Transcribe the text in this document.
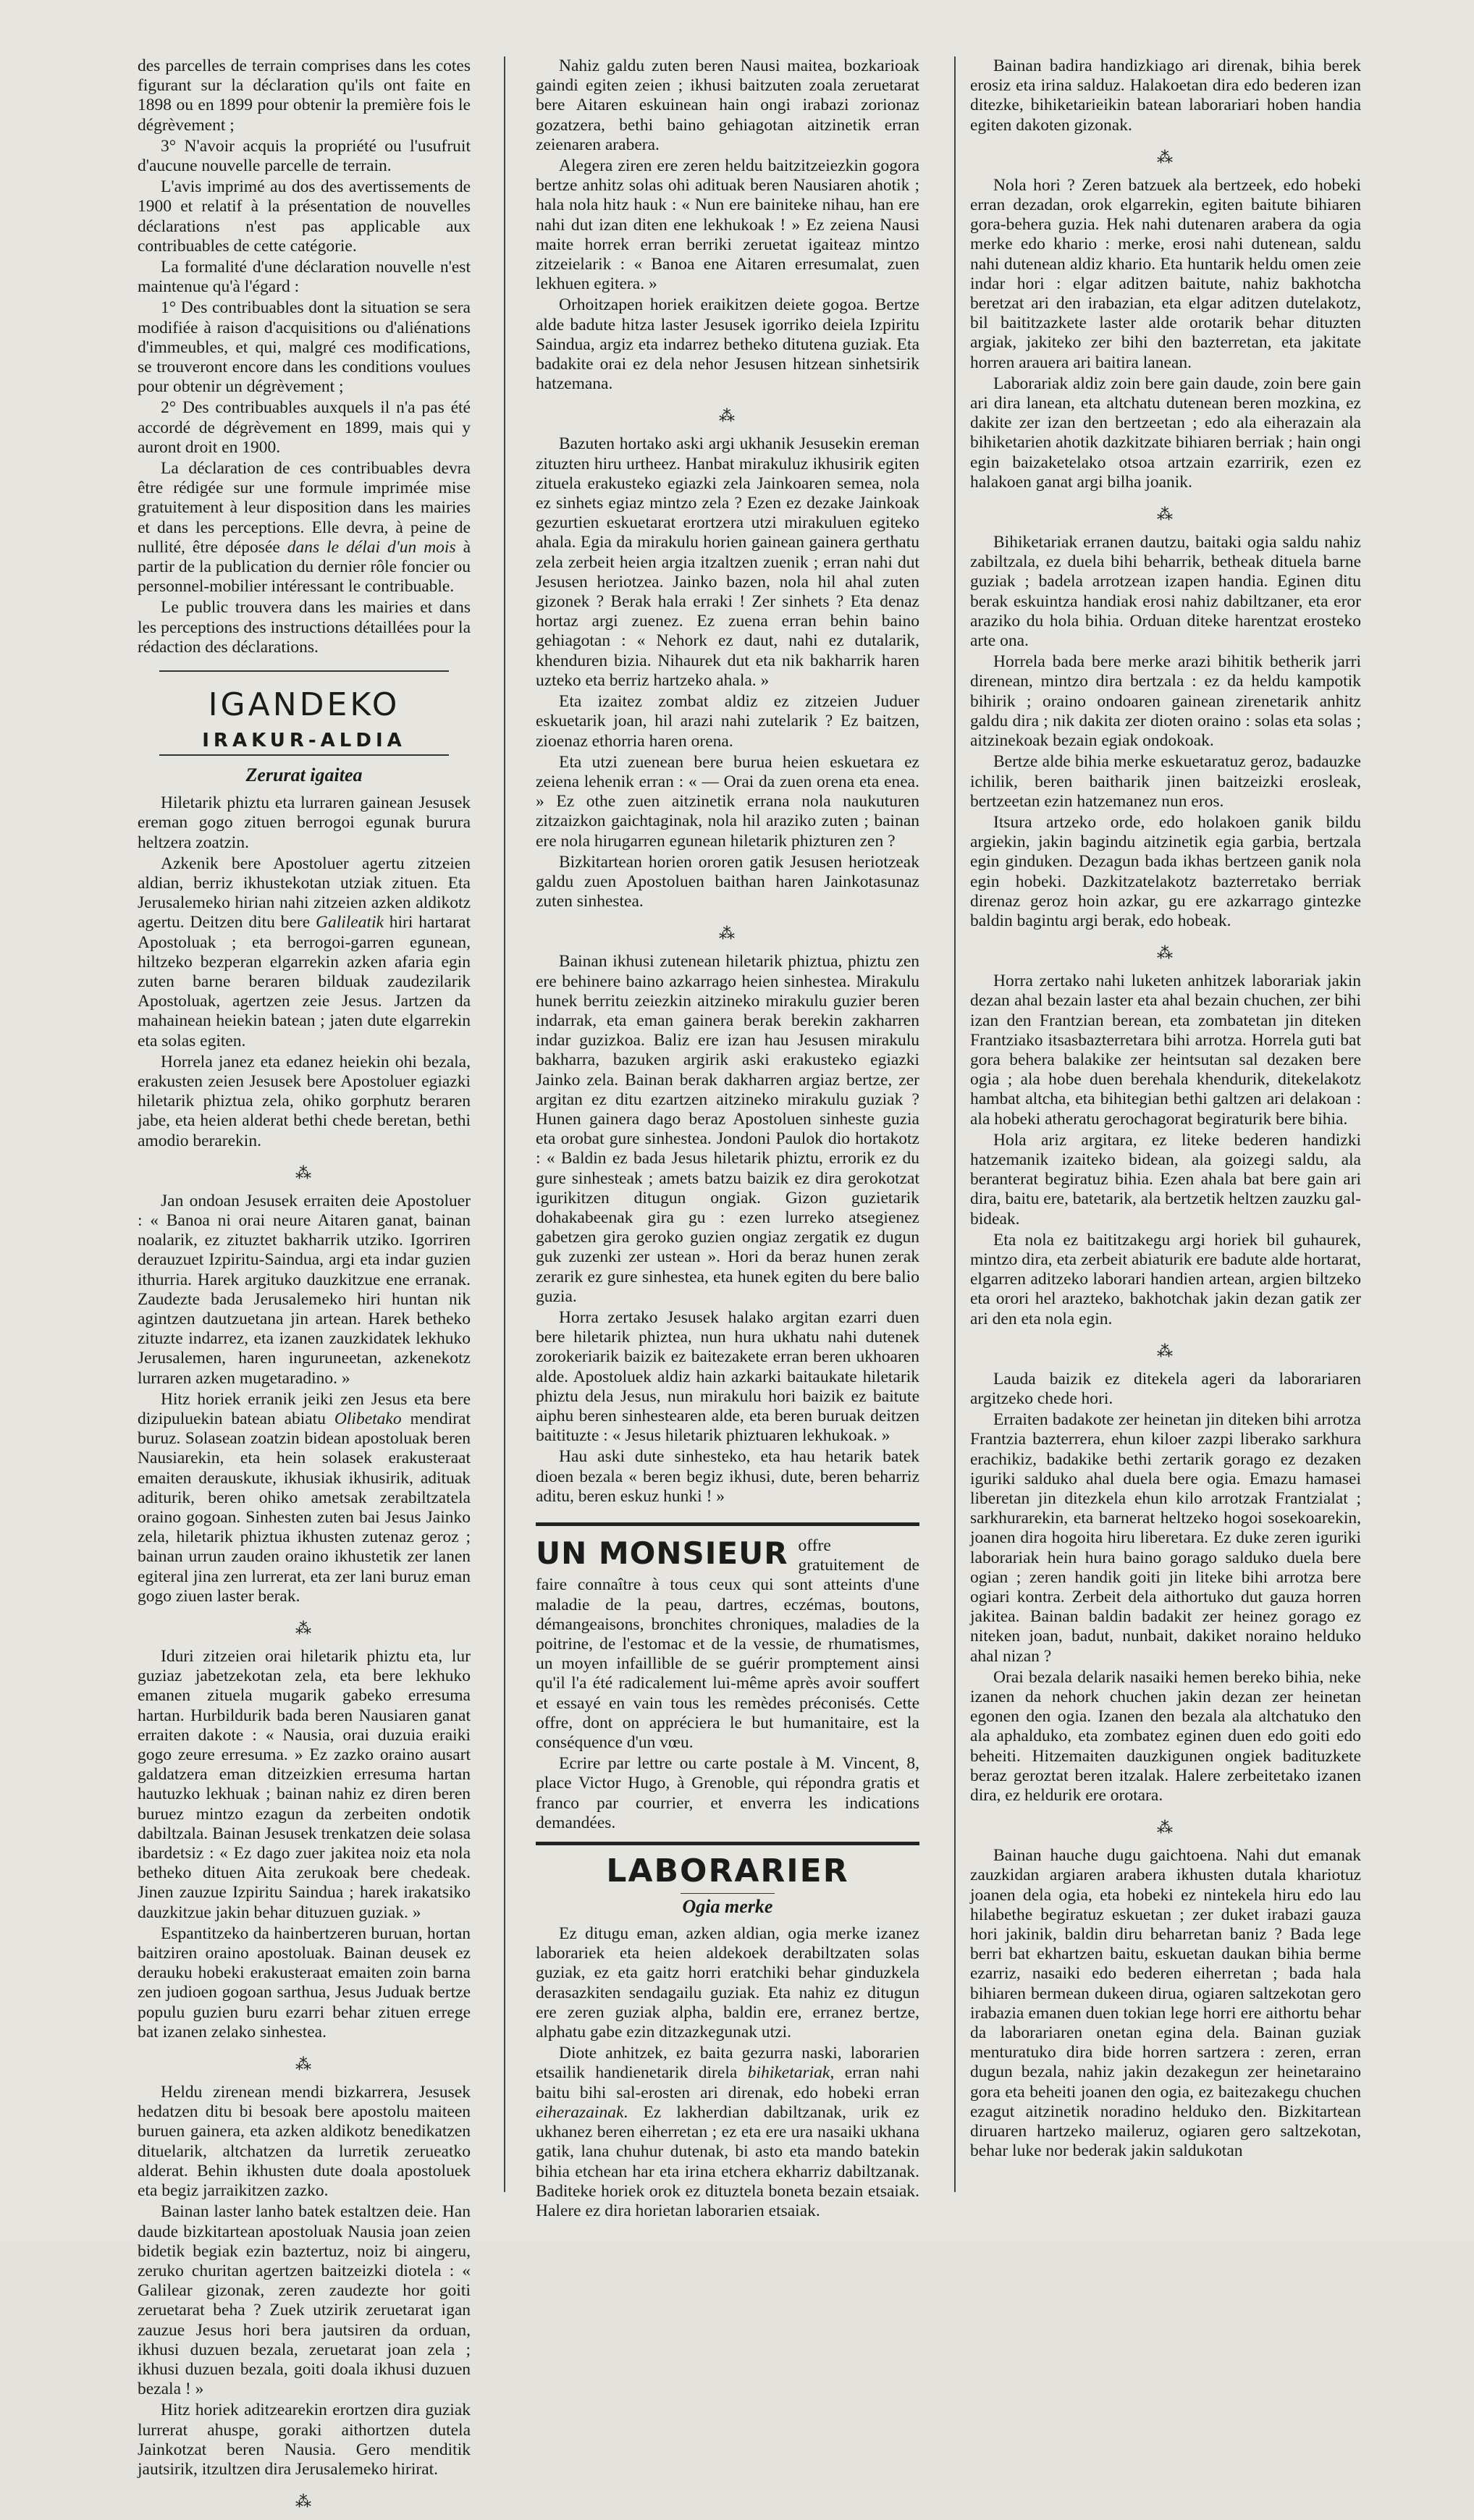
des parcelles de terrain comprises dans les cotes figurant sur la déclaration qu'ils ont faite en 1898 ou en 1899 pour obtenir la première fois le dégrèvement ;

3° N'avoir acquis la propriété ou l'usufruit d'aucune nouvelle parcelle de terrain.

L'avis imprimé au dos des avertissements de 1900 et relatif à la présentation de nouvelles déclarations n'est pas applicable aux contribuables de cette catégorie.

La formalité d'une déclaration nouvelle n'est maintenue qu'à l'égard :

1° Des contribuables dont la situation se sera modifiée à raison d'acquisitions ou d'aliénations d'immeubles, et qui, malgré ces modifications, se trouveront encore dans les conditions voulues pour obtenir un dégrèvement ;

2° Des contribuables auxquels il n'a pas été accordé de dégrèvement en 1899, mais qui y auront droit en 1900.

La déclaration de ces contribuables devra être rédigée sur une formule imprimée mise gratuitement à leur disposition dans les mairies et dans les perceptions. Elle devra, à peine de nullité, être déposée dans le délai d'un mois à partir de la publication du dernier rôle foncier ou personnel-mobilier intéressant le contribuable.

Le public trouvera dans les mairies et dans les perceptions des instructions détaillées pour la rédaction des déclarations.

IGANDEKO
IRAKUR-ALDIA
Zerurat igaitea

Hiletarik phiztu eta lurraren gainean Jesusek ereman gogo zituen berrogoi egunak burura heltzera zoatzin.

Azkenik bere Apostoluer agertu zitzeien aldian, berriz ikhustekotan utziak zituen. Eta Jerusalemeko hirian nahi zitzeien azken aldikotz agertu. Deitzen ditu bere Galileatik hiri hartarat Apostoluak ; eta berrogoi-garren egunean, hiltzeko bezperan elgarrekin azken afaria egin zuten barne beraren bilduak zaudezilarik Apostoluak, agertzen zeie Jesus. Jartzen da mahainean heiekin batean ; jaten dute elgarrekin eta solas egiten.

Horrela janez eta edanez heiekin ohi bezala, erakusten zeien Jesusek bere Apostoluer egiazki hiletarik phiztua zela, ohiko gorphutz beraren jabe, eta heien alderat bethi chede beretan, bethi amodio berarekin.

⁂

Jan ondoan Jesusek erraiten deie Apostoluer : « Banoa ni orai neure Aitaren ganat, bainan noalarik, ez zituztet bakharrik utziko. Igorriren derauzuet Izpiritu-Saindua, argi eta indar guzien ithurria. Harek argituko dauzkitzue ene erranak. Zaudezte bada Jerusalemeko hiri huntan nik agintzen dautzuetana jin artean. Harek betheko zituzte indarrez, eta izanen zauzkidatek lekhuko Jerusalemen, haren inguruneetan, azkenekotz lurraren azken mugetaradino. »

Hitz horiek erranik jeiki zen Jesus eta bere dizipuluekin batean abiatu Olibetako mendirat buruz. Solasean zoatzin bidean apostoluak beren Nausiarekin, eta hein solasek erakusteraat emaiten derauskute, ikhusiak ikhusirik, adituak aditurik, beren ohiko ametsak zerabiltzatela oraino gogoan. Sinhesten zuten bai Jesus Jainko zela, hiletarik phiztua ikhusten zutenaz geroz ; bainan urrun zauden oraino ikhustetik zer lanen egiteral jina zen lurrerat, eta zer lani buruz eman gogo ziuen laster berak.

⁂

Iduri zitzeien orai hiletarik phiztu eta, lur guziaz jabetzekotan zela, eta bere lekhuko emanen zituela mugarik gabeko erresuma hartan. Hurbildurik bada beren Nausiaren ganat erraiten dakote : « Nausia, orai duzuia eraiki gogo zeure erresuma. » Ez zazko oraino ausart galdatzera eman ditzeizkien erresuma hartan hautuzko lekhuak ; bainan nahiz ez diren beren buruez mintzo ezagun da zerbeiten ondotik dabiltzala. Bainan Jesusek trenkatzen deie solasa ibardetsiz : « Ez dago zuer jakitea noiz eta nola betheko dituen Aita zerukoak bere chedeak. Jinen zauzue Izpiritu Saindua ; harek irakatsiko dauzkitzue jakin behar dituzuen guziak. »

Espantitzeko da hainbertzeren buruan, hortan baitziren oraino apostoluak. Bainan deusek ez derauku hobeki erakusteraat emaiten zoin barna zen judioen gogoan sarthua, Jesus Juduak bertze populu guzien buru ezarri behar zituen errege bat izanen zelako sinhestea.

⁂

Heldu zirenean mendi bizkarrera, Jesusek hedatzen ditu bi besoak bere apostolu maiteen buruen gainera, eta azken aldikotz benedikatzen dituelarik, altchatzen da lurretik zerueatko alderat. Behin ikhusten dute doala apostoluek eta begiz jarraikitzen zazko.

Bainan laster lanho batek estaltzen deie. Han daude bizkitartean apostoluak Nausia joan zeien bidetik begiak ezin baztertuz, noiz bi aingeru, zeruko churitan agertzen baitzeizki diotela : « Galilear gizonak, zeren zaudezte hor goiti zeruetarat beha ? Zuek utzirik zeruetarat igan zauzue Jesus hori bera jautsiren da orduan, ikhusi duzuen bezala, zeruetarat joan zela ; ikhusi duzuen bezala, goiti doala ikhusi duzuen bezala ! »

Hitz horiek aditzearekin erortzen dira guziak lurrerat ahuspe, goraki aithortzen dutela Jainkotzat beren Nausia. Gero menditik jautsirik, itzultzen dira Jerusalemeko hirirat.

⁂

Nahiz galdu zuten beren Nausi maitea, bozkarioak gaindi egiten zeien ; ikhusi baitzuten zoala zeruetarat bere Aitaren eskuinean hain ongi irabazi zorionaz gozatzera, bethi baino gehiagotan aitzinetik erran zeienaren arabera.

Alegera ziren ere zeren heldu baitzitzeiezkin gogora bertze anhitz solas ohi adituak beren Nausiaren ahotik ; hala nola hitz hauk : « Nun ere bainiteke nihau, han ere nahi dut izan diten ene lekhukoak ! » Ez zeiena Nausi maite horrek erran berriki zeruetat igaiteaz mintzo zitzeielarik : « Banoa ene Aitaren erresumalat, zuen lekhuen egitera. »

Orhoitzapen horiek eraikitzen deiete gogoa. Bertze alde badute hitza laster Jesusek igorriko deiela Izpiritu Saindua, argiz eta indarrez betheko ditutena guziak. Eta badakite orai ez dela nehor Jesusen hitzean sinhetsirik hatzemana.

⁂

Bazuten hortako aski argi ukhanik Jesusekin ereman zituzten hiru urtheez. Hanbat mirakuluz ikhusirik egiten zituela erakusteko egiazki zela Jainkoaren semea, nola ez sinhets egiaz mintzo zela ? Ezen ez dezake Jainkoak gezurtien eskuetarat erortzera utzi mirakuluen egiteko ahala. Egia da mirakulu horien gainean gainera gerthatu zela zerbeit heien argia itzaltzen zuenik ; erran nahi dut Jesusen heriotzea. Jainko bazen, nola hil ahal zuten gizonek ? Berak hala erraki ! Zer sinhets ? Eta denaz hortaz argi zuenez. Ez zuena erran behin baino gehiagotan : « Nehork ez daut, nahi ez dutalarik, khenduren bizia. Nihaurek dut eta nik bakharrik haren uzteko eta berriz hartzeko ahala. »

Eta izaitez zombat aldiz ez zitzeien Juduer eskuetarik joan, hil arazi nahi zutelarik ? Ez baitzen, zioenaz ethorria haren orena.

Eta utzi zuenean bere burua heien eskuetara ez zeiena lehenik erran : « — Orai da zuen orena eta enea. » Ez othe zuen aitzinetik errana nola naukuturen zitzaizkon gaichtaginak, nola hil araziko zuten ; bainan ere nola hirugarren egunean hiletarik phizturen zen ?

Bizkitartean horien ororen gatik Jesusen heriotzeak galdu zuen Apostoluen baithan haren Jainkotasunaz zuten sinhestea.

⁂

Bainan ikhusi zutenean hiletarik phiztua, phiztu zen ere behinere baino azkarrago heien sinhestea. Mirakulu hunek berritu zeiezkin aitzineko mirakulu guzier beren indarrak, eta eman gainera berak berekin zakharren indar guzizkoa. Baliz ere izan hau Jesusen mirakulu bakharra, bazuken argirik aski erakusteko egiazki Jainko zela. Bainan berak dakharren argiaz bertze, zer argitan ez ditu ezartzen aitzineko mirakulu guziak ? Hunen gainera dago beraz Apostoluen sinheste guzia eta orobat gure sinhestea. Jondoni Paulok dio hortakotz : « Baldin ez bada Jesus hiletarik phiztu, errorik ez du gure sinhesteak ; amets batzu baizik ez dira gerokotzat igurikitzen ditugun ongiak. Gizon guzietarik dohakabeenak gira gu : ezen lurreko atsegienez gabetzen gira geroko guzien ongiaz zergatik ez dugun guk zuzenki zer ustean ». Hori da beraz hunen zerak zerarik ez gure sinhestea, eta hunek egiten du bere balio guzia.

Horra zertako Jesusek halako argitan ezarri duen bere hiletarik phiztea, nun hura ukhatu nahi dutenek zorokeriarik baizik ez baitezakete erran beren ukhoaren alde. Apostoluek aldiz hain azkarki baitaukate hiletarik phiztu dela Jesus, nun mirakulu hori baizik ez baitute aiphu beren sinhestearen alde, eta beren buruak deitzen baitituzte : « Jesus hiletarik phiztuaren lekhukoak. »

Hau aski dute sinhesteko, eta hau hetarik batek dioen bezala « beren begiz ikhusi, dute, beren beharriz aditu, beren eskuz hunki ! »

UN MONSIEUR offre gratuitement de faire connaître à tous ceux qui sont atteints d'une maladie de la peau, dartres, eczémas, boutons, démangeaisons, bronchites chroniques, maladies de la poitrine, de l'estomac et de la vessie, de rhumatismes, un moyen infaillible de se guérir promptement ainsi qu'il l'a été radicalement lui-même après avoir souffert et essayé en vain tous les remèdes préconisés. Cette offre, dont on appréciera le but humanitaire, est la conséquence d'un vœu.

Ecrire par lettre ou carte postale à M. Vincent, 8, place Victor Hugo, à Grenoble, qui répondra gratis et franco par courrier, et enverra les indications demandées.

LABORARIER
Ogia merke

Ez ditugu eman, azken aldian, ogia merke izanez laborariek eta heien aldekoek derabiltzaten solas guziak, ez eta gaitz horri eratchiki behar ginduzkela derasazkiten sendagailu guziak. Eta nahiz ez ditugun ere zeren guziak alpha, baldin ere, erranez bertze, alphatu gabe ezin ditzazkegunak utzi.

Diote anhitzek, ez baita gezurra naski, laborarien etsailik handienetarik direla bihiketariak, erran nahi baitu bihi sal-erosten ari direnak, edo hobeki erran eiherazainak. Ez lakherdian dabiltzanak, urik ez ukhanez beren eiherretan ; ez eta ere ura nasaiki ukhana gatik, lana chuhur dutenak, bi asto eta mando batekin bihia etchean har eta irina etchera ekharriz dabiltzanak. Baditeke horiek orok ez dituztela boneta bezain etsaiak. Halere ez dira horietan laborarien etsaiak.

Bainan badira handizkiago ari direnak, bihia berek erosiz eta irina salduz. Halakoetan dira edo bederen izan ditezke, bihiketarieikin batean laborariari hoben handia egiten dakoten gizonak.

⁂

Nola hori ? Zeren batzuek ala bertzeek, edo hobeki erran dezadan, orok elgarrekin, egiten baitute bihiaren gora-behera guzia. Hek nahi dutenaren arabera da ogia merke edo khario : merke, erosi nahi dutenean, saldu nahi dutenean aldiz khario. Eta huntarik heldu omen zeie indar hori : elgar aditzen baitute, nahiz bakhotcha beretzat ari den irabazian, eta elgar aditzen dutelakotz, bil baititzazkete laster alde orotarik behar dituzten argiak, jakiteko zer bihi den bazterretan, eta jakitate horren arauera ari baitira lanean.

Laborariak aldiz zoin bere gain daude, zoin bere gain ari dira lanean, eta altchatu dutenean beren mozkina, ez dakite zer izan den bertzeetan ; edo ala eiherazain ala bihiketarien ahotik dazkitzate bihiaren berriak ; hain ongi egin baizaketelako otsoa artzain ezarririk, ezen ez halakoen ganat argi bilha joanik.

⁂

Bihiketariak erranen dautzu, baitaki ogia saldu nahiz zabiltzala, ez duela bihi beharrik, betheak dituela barne guziak ; badela arrotzean izapen handia. Eginen ditu berak eskuintza handiak erosi nahiz dabiltzaner, eta eror araziko du hola bihia. Orduan diteke harentzat erosteko arte ona.

Horrela bada bere merke arazi bihitik betherik jarri direnean, mintzo dira bertzala : ez da heldu kampotik bihirik ; oraino ondoaren gainean zirenetarik anhitz galdu dira ; nik dakita zer dioten oraino : solas eta solas ; aitzinekoak bezain egiak ondokoak.

Bertze alde bihia merke eskuetaratuz geroz, badauzke ichilik, beren baitharik jinen baitzeizki erosleak, bertzeetan ezin hatzemanez nun eros.

Itsura artzeko orde, edo holakoen ganik bildu argiekin, jakin bagindu aitzinetik egia garbia, bertzala egin ginduken. Dezagun bada ikhas bertzeen ganik nola egin hobeki. Dazkitzatelakotz bazterretako berriak direnaz geroz hoin azkar, gu ere azkarrago gintezke baldin bagintu argi berak, edo hobeak.

⁂

Horra zertako nahi luketen anhitzek laborariak jakin dezan ahal bezain laster eta ahal bezain chuchen, zer bihi izan den Frantzian berean, eta zombatetan jin diteken Frantziako itsasbazterretara bihi arrotza. Horrela guti bat gora behera balakike zer heintsutan sal dezaken bere ogia ; ala hobe duen berehala khendurik, ditekelakotz hambat altcha, eta bihitegian bethi galtzen ari delakoan : ala hobeki atheratu gerochagorat begiraturik bere bihia.

Hola ariz argitara, ez liteke bederen handizki hatzemanik izaiteko bidean, ala goizegi saldu, ala beranterat begiratuz bihia. Ezen ahala bat bere gain ari dira, baitu ere, batetarik, ala bertzetik heltzen zauzku gal-bideak.

Eta nola ez baititzakegu argi horiek bil guhaurek, mintzo dira, eta zerbeit abiaturik ere badute alde hortarat, elgarren aditzeko laborari handien artean, argien biltzeko eta orori hel arazteko, bakhotchak jakin dezan gatik zer ari den eta nola egin.

⁂

Lauda baizik ez ditekela ageri da laborariaren argitzeko chede hori.

Erraiten badakote zer heinetan jin diteken bihi arrotza Frantzia bazterrera, ehun kiloer zazpi liberako sarkhura erachikiz, badakike bethi zertarik gorago ez dezaken iguriki salduko ahal duela bere ogia. Emazu hamasei liberetan jin ditezkela ehun kilo arrotzak Frantzialat ; sarkhurarekin, eta barnerat heltzeko hogoi sosekoarekin, joanen dira hogoita hiru liberetara. Ez duke zeren iguriki laborariak hein hura baino gorago salduko duela bere ogian ; zeren handik goiti jin liteke bihi arrotza bere ogiari kontra. Zerbeit dela aithortuko dut gauza horren jakitea. Bainan baldin badakit zer heinez gorago ez niteken joan, badut, nunbait, dakiket noraino helduko ahal nizan ?

Orai bezala delarik nasaiki hemen bereko bihia, neke izanen da nehork chuchen jakin dezan zer heinetan egonen den ogia. Izanen den bezala ala altchatuko den ala aphalduko, eta zombatez eginen duen edo goiti edo beheiti. Hitzemaiten dauzkigunen ongiek badituzkete beraz geroztat beren itzalak. Halere zerbeitetako izanen dira, ez heldurik ere orotara.

⁂

Bainan hauche dugu gaichtoena. Nahi dut emanak zauzkidan argiaren arabera ikhusten dutala khariotuz joanen dela ogia, eta hobeki ez nintekela hiru edo lau hilabethe begiratuz eskuetan ; zer duket irabazi gauza hori jakinik, baldin diru beharretan baniz ? Bada lege berri bat ekhartzen baitu, eskuetan daukan bihia berme ezarriz, nasaiki edo bederen eiherretan ; bada hala bihiaren bermean dukeen dirua, ogiaren saltzekotan gero irabazia emanen duen tokian lege horri ere aithortu behar da laborariaren onetan egina dela. Bainan guziak menturatuko dira bide horren sartzera : zeren, erran dugun bezala, nahiz jakin dezakegun zer heinetaraino gora eta beheiti joanen den ogia, ez baitezakegu chuchen ezagut aitzinetik noradino helduko den. Bizkitartean diruaren hartzeko maileruz, ogiaren gero saltzekotan, behar luke nor bederak jakin saldukotan
